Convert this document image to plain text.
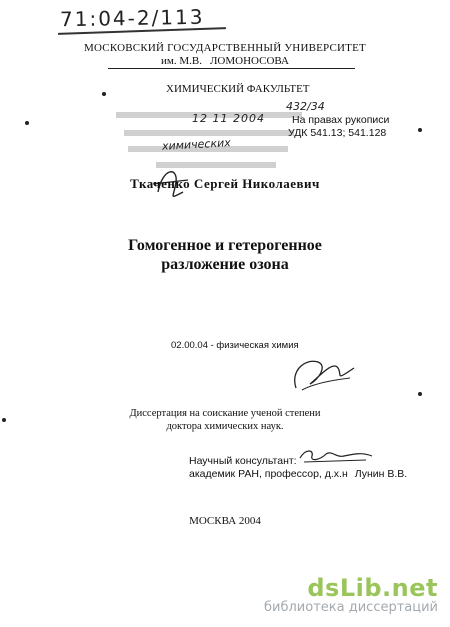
71:04-2/113
МОСКОВСКИЙ ГОСУДАРСТВЕННЫЙ УНИВЕРСИТЕТ
им. М.В. ЛОМОНОСОВА
ХИМИЧЕСКИЙ ФАКУЛЬТЕТ
432/34
12 11 2004
химических
На правах рукописи
УДК 541.13; 541.128
Ткаченко Сергей Николаевич
Гомогенное и гетерогенное
разложение озона
02.00.04 - физическая химия
Диссертация на соискание ученой степени
доктора химических наук.
Научный консультант:
академик РАН, профессор, д.х.н Лунин В.В.
МОСКВА 2004
dsLib.net
библиотека диссертаций
